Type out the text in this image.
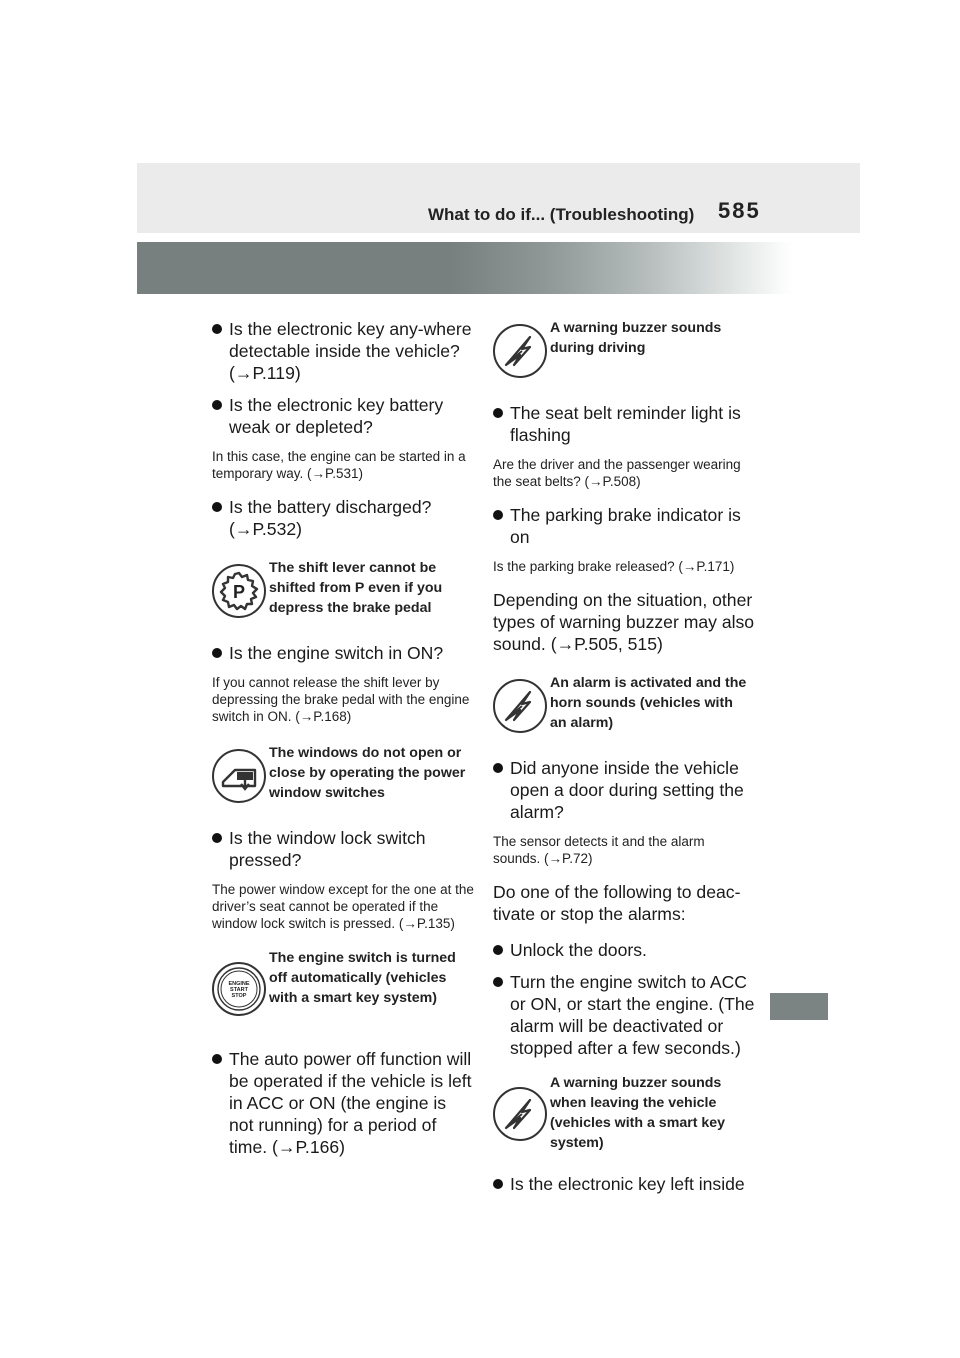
What to do if... (Troubleshooting) 585
Is the electronic key any-where detectable inside the vehicle? (→P.119)
Is the electronic key battery weak or depleted?
In this case, the engine can be started in a temporary way. (→P.531)
Is the battery discharged? (→P.532)
P
The shift lever cannot be shifted from P even if you depress the brake pedal
Is the engine switch in ON?
If you cannot release the shift lever by depressing the brake pedal with the engine switch in ON. (→P.168)
The windows do not open or close by operating the power window switches
Is the window lock switch pressed?
The power window except for the one at the driver’s seat cannot be operated if the window lock switch is pressed. (→P.135)
ENGINE
START
STOP
The engine switch is turned off automatically (vehicles with a smart key system)
The auto power off function will be operated if the vehicle is left in ACC or ON (the engine is not running) for a period of time. (→P.166)
A warning buzzer sounds during driving
The seat belt reminder light is flashing
Are the driver and the passenger wearing the seat belts? (→P.508)
The parking brake indicator is on
Is the parking brake released? (→P.171)
Depending on the situation, other types of warning buzzer may also sound. (→P.505, 515)
An alarm is activated and the horn sounds (vehicles with an alarm)
Did anyone inside the vehicle open a door during setting the alarm?
The sensor detects it and the alarm sounds. (→P.72)
Do one of the following to deac-tivate or stop the alarms:
Unlock the doors.
Turn the engine switch to ACC or ON, or start the engine. (The alarm will be deactivated or stopped after a few seconds.)
A warning buzzer sounds when leaving the vehicle (vehicles with a smart key system)
Is the electronic key left inside
